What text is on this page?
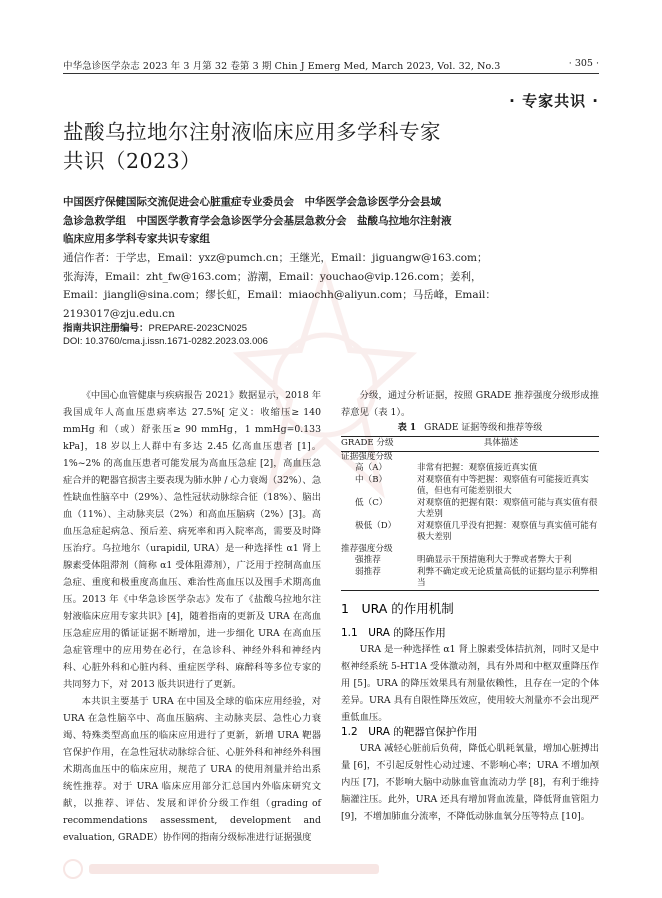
中华急诊医学杂志 2023 年 3 月第 32 卷第 3 期 Chin J Emerg Med, March 2023, Vol. 32, No.3	· 305 ·
· 专家共识 ·
盐酸乌拉地尔注射液临床应用多学科专家
共识（2023）
中国医疗保健国际交流促进会心脏重症专业委员会　中华医学会急诊医学分会县域
急诊急救学组　中国医学教育学会急诊医学分会基层急救分会　盐酸乌拉地尔注射液
临床应用多学科专家共识专家组
通信作者：于学忠，Email：yxz@pumch.cn；王继光，Email：jiguangw@163.com；
张海涛，Email：zht_fw@163.com；游潮，Email：youchao@vip.126.com；姜利，
Email：jiangli@sina.com；缪长虹，Email：miaochh@aliyun.com；马岳峰，Email：
2193017@zju.edu.cn
指南共识注册编号：PREPARE-2023CN025
DOI: 10.3760/cma.j.issn.1671-0282.2023.03.006

《中国心血管健康与疾病报告 2021》数据显示，2018 年我国成年人高血压患病率达 27.5%[ 定义：收缩压≥ 140 mmHg 和（或）舒张压≥ 90 mmHg，1 mmHg=0.133 kPa]，18 岁以上人群中有多达 2.45 亿高血压患者 [1]。1%~2% 的高血压患者可能发展为高血压急症 [2]，高血压急症合并的靶器官损害主要表现为肺水肿 / 心力衰竭（32%）、急性缺血性脑卒中（29%）、急性冠状动脉综合征（18%）、脑出血（11%）、主动脉夹层（2%）和高血压脑病（2%）[3]。高血压急症起病急、预后差、病死率和再入院率高，需要及时降压治疗。乌拉地尔（urapidil, URA）是一种选择性 α1 肾上腺素受体阻滞剂（简称 α1 受体阻滞剂），广泛用于控制高血压急症、重度和极重度高血压、难治性高血压以及围手术期高血压。2013 年《中华急诊医学杂志》发布了《盐酸乌拉地尔注射液临床应用专家共识》[4]，随着指南的更新及 URA 在高血压急症应用的循证证据不断增加，进一步细化 URA 在高血压急症管理中的应用势在必行，在急诊科、神经外科和神经内科、心脏外科和心脏内科、重症医学科、麻醉科等多位专家的共同努力下，对 2013 版共识进行了更新。

本共识主要基于 URA 在中国及全球的临床应用经验，对 URA 在急性脑卒中、高血压脑病、主动脉夹层、急性心力衰竭、特殊类型高血压的临床应用进行了更新，新增 URA 靶器官保护作用，在急性冠状动脉综合征、心脏外科和神经外科围术期高血压中的临床应用，规范了 URA 的使用剂量并给出系统性推荐。对于 URA 临床应用部分汇总国内外临床研究文献，以推荐、评估、发展和评价分级工作组（grading of recommendations assessment, development and evaluation, GRADE）协作网的指南分级标准进行证据强度

分级，通过分析证据，按照 GRADE 推荐强度分级形成推荐意见（表 1）。

表 1 GRADE 证据等级和推荐等级
GRADE 分级	具体描述
证据强度分级
高（A）	非常有把握：观察值接近真实值
中（B）	对观察值有中等把握：观察值有可能接近真实值，但也有可能差别很大
低（C）	对观察值的把握有限：观察值可能与真实值有很大差别
极低（D）	对观察值几乎没有把握：观察值与真实值可能有极大差别
推荐强度分级
强推荐	明确显示干预措施利大于弊或者弊大于利
弱推荐	利弊不确定或无论质量高低的证据均显示利弊相当
1　URA 的作用机制
1.1　URA 的降压作用

URA 是一种选择性 α1 肾上腺素受体拮抗剂，同时又是中枢神经系统 5-HT1A 受体激动剂，具有外周和中枢双重降压作用 [5]。URA 的降压效果具有剂量依赖性，且存在一定的个体差异。URA 具有自限性降压效应，使用较大剂量亦不会出现严重低血压。

1.2　URA 的靶器官保护作用

URA 减轻心脏前后负荷，降低心肌耗氧量，增加心脏搏出量 [6]，不引起反射性心动过速、不影响心率；URA 不增加颅内压 [7]，不影响大脑中动脉血管血流动力学 [8]，有利于维持脑灌注压。此外，URA 还具有增加肾血流量，降低肾血管阻力 [9]，不增加肺血分流率，不降低动脉血氧分压等特点 [10]。
